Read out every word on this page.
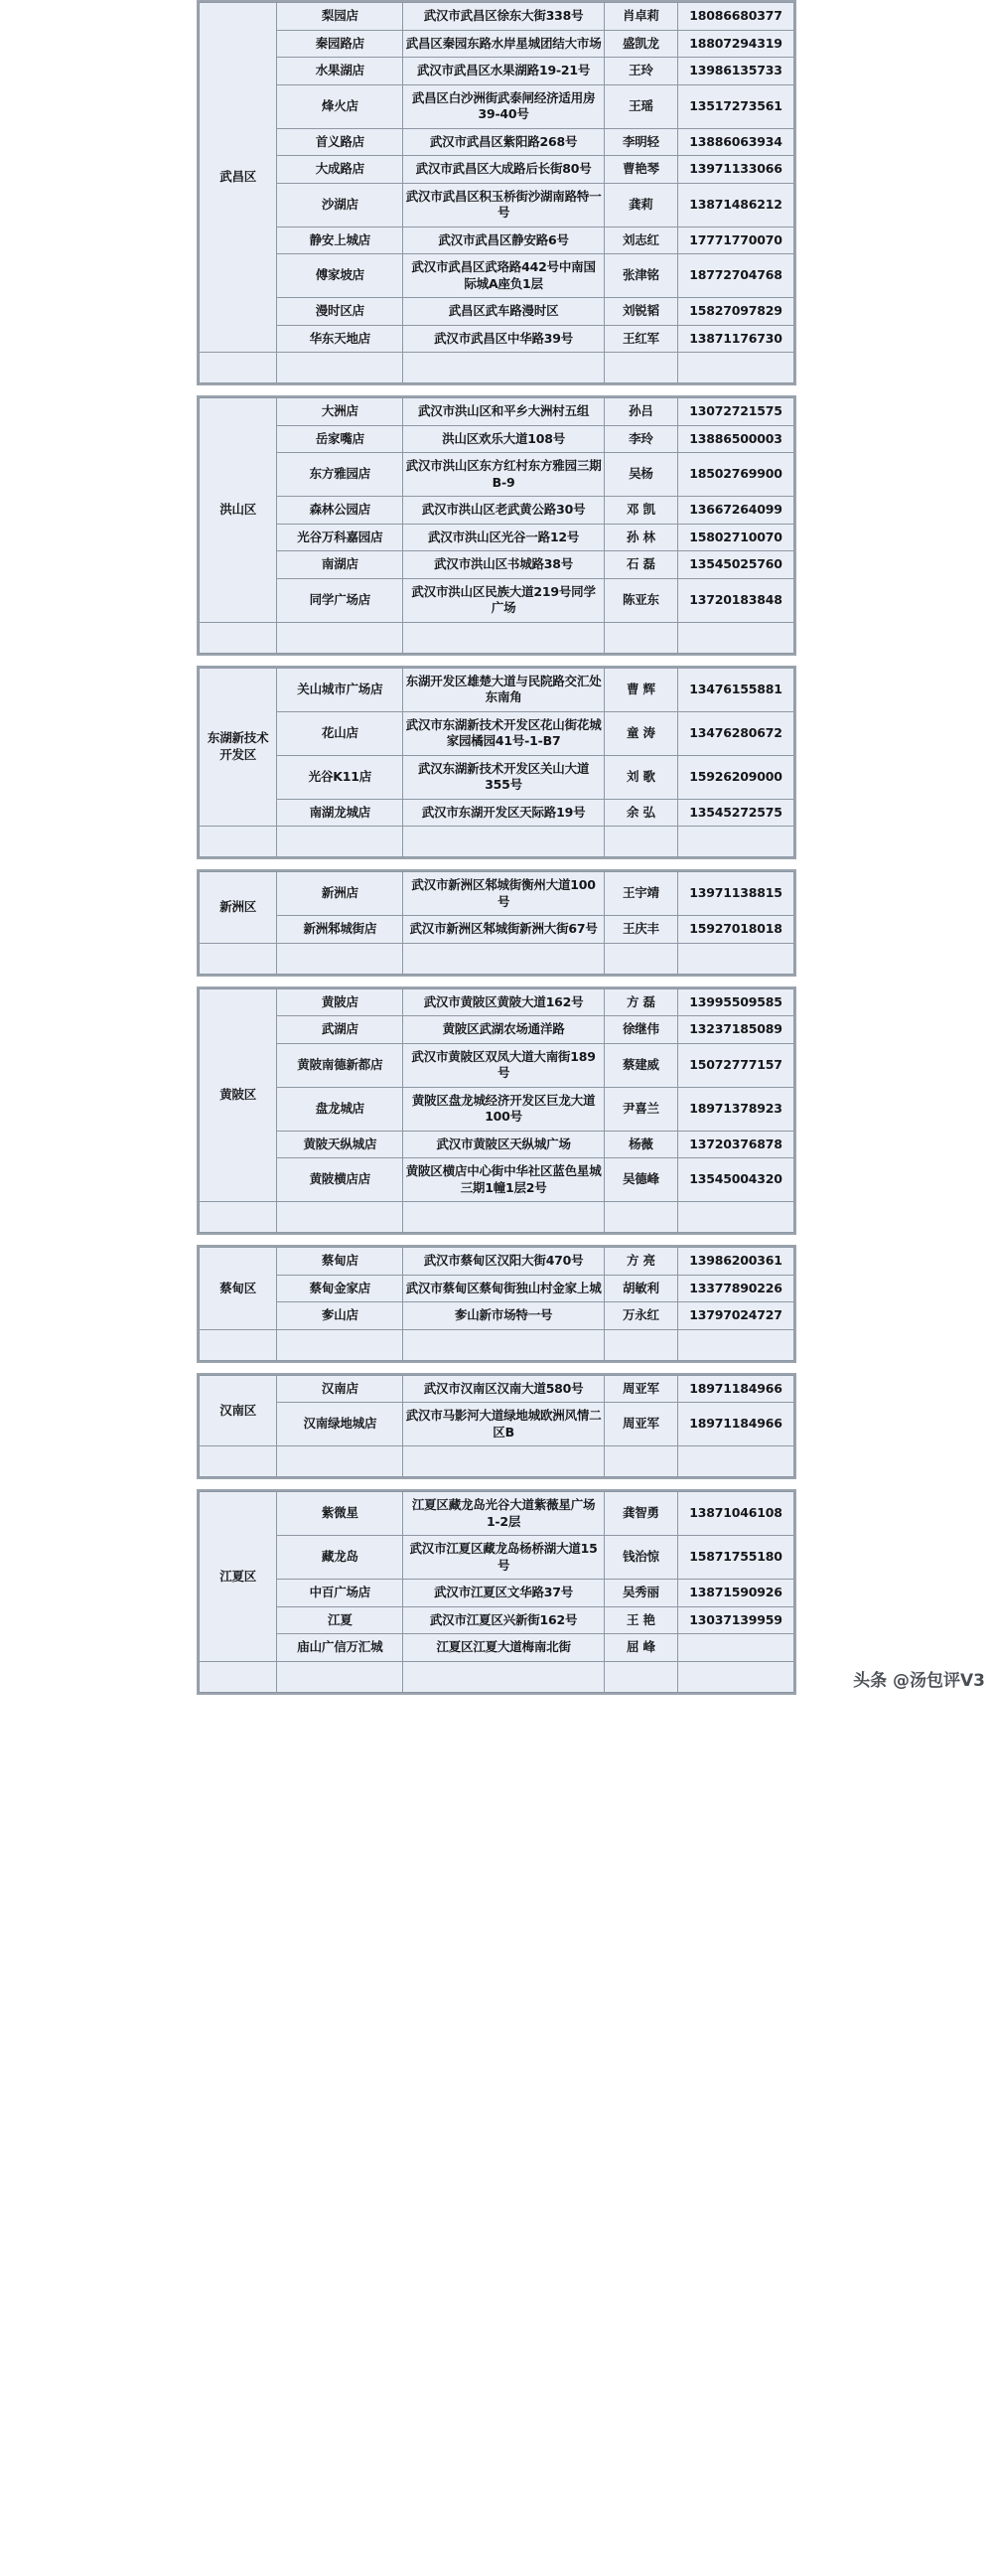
武昌区	梨园店	武汉市武昌区徐东大街338号	肖卓莉	18086680377
	秦园路店	武昌区秦园东路水岸星城团结大市场	盛凯龙	18807294319
	水果湖店	武汉市武昌区水果湖路19-21号	王玲	13986135733
	烽火店	武昌区白沙洲街武泰闸经济适用房39-40号	王瑶	13517273561
	首义路店	武汉市武昌区紫阳路268号	李明轻	13886063934
	大成路店	武汉市武昌区大成路后长街80号	曹艳琴	13971133066
	沙湖店	武汉市武昌区积玉桥街沙湖南路特一号	龚莉	13871486212
	静安上城店	武汉市武昌区静安路6号	刘志红	17771770070
	傅家坡店	武汉市武昌区武珞路442号中南国际城A座负1层	张津铭	18772704768
	漫时区店	武昌区武车路漫时区	刘锐韬	15827097829
	华东天地店	武汉市武昌区中华路39号	王红军	13871176730

洪山区	大洲店	武汉市洪山区和平乡大洲村五组	孙吕	13072721575
	岳家嘴店	洪山区欢乐大道108号	李玲	13886500003
	东方雅园店	武汉市洪山区东方红村东方雅园三期B-9	吴杨	18502769900
	森林公园店	武汉市洪山区老武黄公路30号	邓 凯	13667264099
	光谷万科嘉园店	武汉市洪山区光谷一路12号	孙 林	15802710070
	南湖店	武汉市洪山区书城路38号	石 磊	13545025760
	同学广场店	武汉市洪山区民族大道219号同学广场	陈亚东	13720183848

东湖新技术开发区	关山城市广场店	东湖开发区雄楚大道与民院路交汇处东南角	曹 辉	13476155881
	花山店	武汉市东湖新技术开发区花山街花城家园橘园41号-1-B7	童 涛	13476280672
	光谷K11店	武汉东湖新技术开发区关山大道355号	刘 歌	15926209000
	南湖龙城店	武汉市东湖开发区天际路19号	余 弘	13545272575

新洲区	新洲店	武汉市新洲区邾城街衡州大道100号	王宇靖	13971138815
	新洲邾城街店	武汉市新洲区邾城街新洲大街67号	王庆丰	15927018018

黄陂区	黄陂店	武汉市黄陂区黄陂大道162号	方 磊	13995509585
	武湖店	黄陂区武湖农场通洋路	徐继伟	13237185089
	黄陂南德新都店	武汉市黄陂区双凤大道大南街189号	蔡建威	15072777157
	盘龙城店	黄陂区盘龙城经济开发区巨龙大道100号	尹喜兰	18971378923
	黄陂天纵城店	武汉市黄陂区天纵城广场	杨薇	13720376878
	黄陂横店店	黄陂区横店中心街中华社区蓝色星城三期1幢1层2号	吴德峰	13545004320

蔡甸区	蔡甸店	武汉市蔡甸区汉阳大街470号	方 亮	13986200361
	蔡甸金家店	武汉市蔡甸区蔡甸街独山村金家上城	胡敏利	13377890226
	奓山店	奓山新市场特一号	万永红	13797024727

汉南区	汉南店	武汉市汉南区汉南大道580号	周亚军	18971184966
	汉南绿地城店	武汉市马影河大道绿地城欧洲风情二区B	周亚军	18971184966

江夏区	紫微星	江夏区藏龙岛光谷大道紫薇星广场1-2层	龚智勇	13871046108
	藏龙岛	武汉市江夏区藏龙岛杨桥湖大道15号	钱治惊	15871755180
	中百广场店	武汉市江夏区文华路37号	吴秀丽	13871590926
	江夏	武汉市江夏区兴新街162号	王 艳	13037139959
	庙山广信万汇城	江夏区江夏大道梅南北街	屈 峰	

头条 @汤包评V3
